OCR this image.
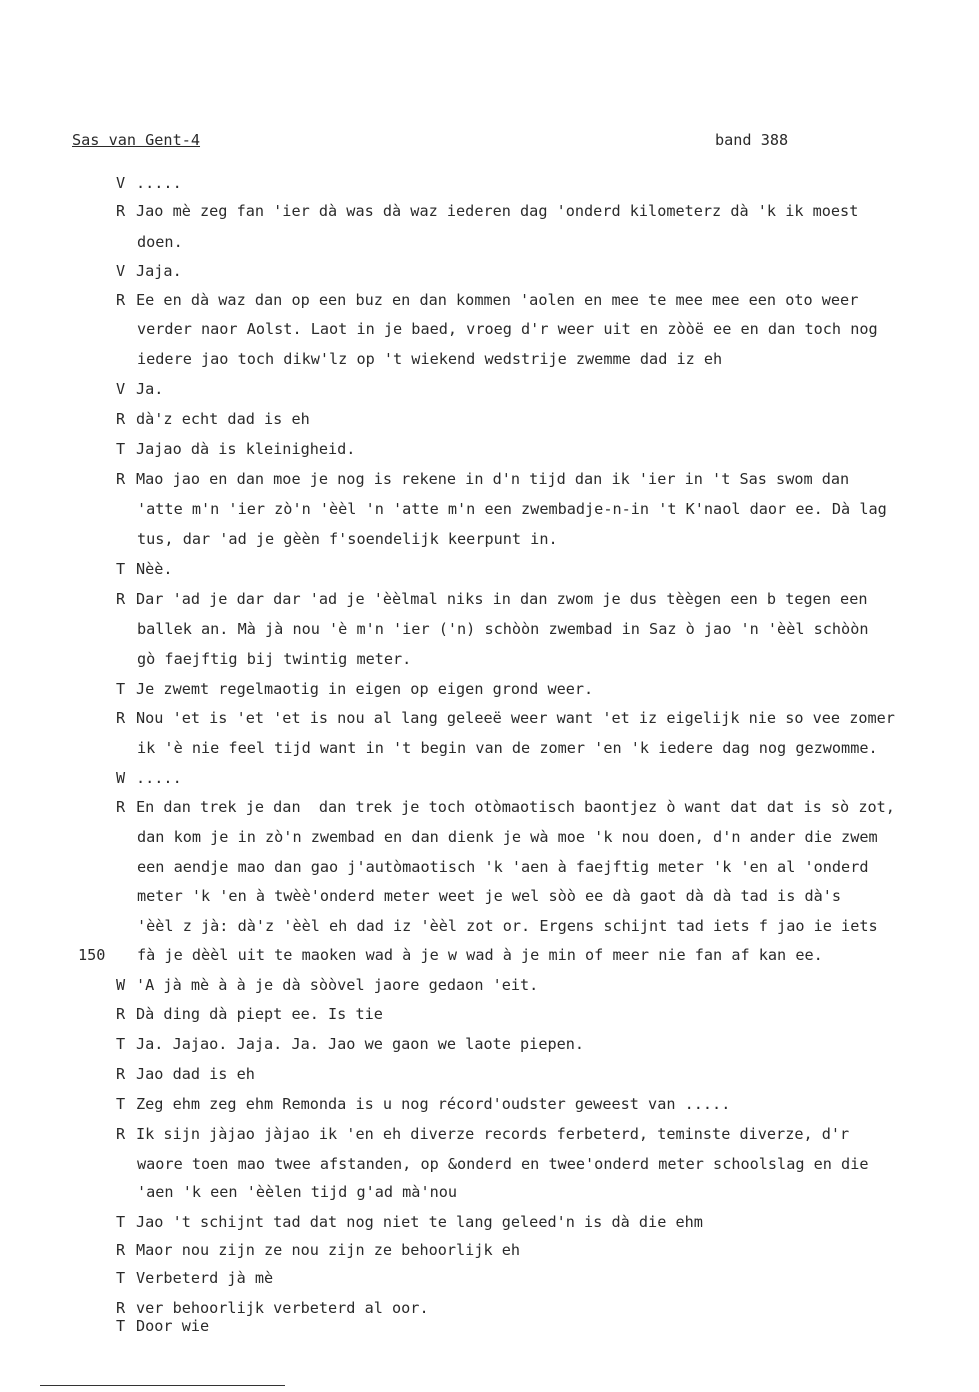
Sas van Gent-4	band 388
V .....
R Jao mè zeg fan 'ier dà was dà waz iederen dag 'onderd kilometerz dà 'k ik moest
doen.
V Jaja.
R Ee en dà waz dan op een buz en dan kommen 'aolen en mee te mee mee een oto weer
verder naor Aolst. Laot in je baed, vroeg d'r weer uit en zòòë ee en dan toch nog
iedere jao toch dikw'lz op 't wiekend wedstrije zwemme dad iz eh
V Ja.
R dà'z echt dad is eh
T Jajao dà is kleinigheid.
R Mao jao en dan moe je nog is rekene in d'n tijd dan ik 'ier in 't Sas swom dan
'atte m'n 'ier zò'n 'èèl 'n 'atte m'n een zwembadje-n-in 't K'naol daor ee. Dà lag
tus, dar 'ad je gèèn f'soendelijk keerpunt in.
T Nèè.
R Dar 'ad je dar dar 'ad je 'èèlmal niks in dan zwom je dus tèègen een b tegen een
ballek an. Mà jà nou 'è m'n 'ier ('n) schòòn zwembad in Saz ò jao 'n 'èèl schòòn
gò faejftig bij twintig meter.
T Je zwemt regelmaotig in eigen op eigen grond weer.
R Nou 'et is 'et 'et is nou al lang geleeë weer want 'et iz eigelijk nie so vee zomer
ik 'è nie feel tijd want in 't begin van de zomer 'en 'k iedere dag nog gezwomme.
W .....
R En dan trek je dan  dan trek je toch otòmaotisch baontjez ò want dat dat is sò zot,
dan kom je in zò'n zwembad en dan dienk je wà moe 'k nou doen, d'n ander die zwem
een aendje mao dan gao j'autòmaotisch 'k 'aen à faejftig meter 'k 'en al 'onderd
meter 'k 'en à twèè'onderd meter weet je wel sòò ee dà gaot dà dà tad is dà's
'èèl z jà: dà'z 'èèl eh dad iz 'èèl zot or. Ergens schijnt tad iets f jao ie iets
fà je dèèl uit te maoken wad à je w wad à je min of meer nie fan af kan ee.
W 'A jà mè à à je dà sòòvel jaore gedaon 'eit.
R Dà ding dà piept ee. Is tie
T Ja. Jajao. Jaja. Ja. Jao we gaon we laote piepen.
R Jao dad is eh
T Zeg ehm zeg ehm Remonda is u nog récord'oudster geweest van .....
R Ik sijn jàjao jàjao ik 'en eh diverze records ferbeterd, teminste diverze, d'r
waore toen mao twee afstanden, op &onderd en twee'onderd meter schoolslag en die
'aen 'k een 'èèlen tijd g'ad mà'nou
T Jao 't schijnt tad dat nog niet te lang geleed'n is dà die ehm
R Maor nou zijn ze nou zijn ze behoorlijk eh
T Verbeterd jà mè
R ver behoorlijk verbeterd al oor.
T Door wie
150
